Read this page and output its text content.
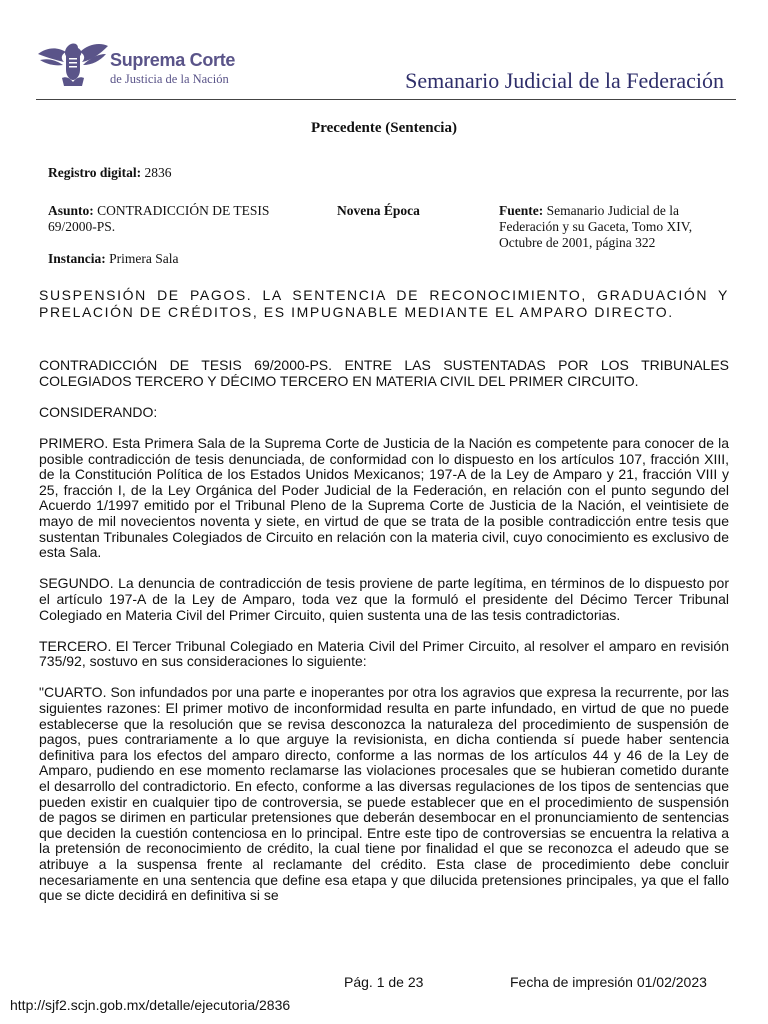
Suprema Corte
de Justicia de la Nación	Semanario Judicial de la Federación
Precedente (Sentencia)
Registro digital: 2836
Asunto: CONTRADICCIÓN DE TESIS 69/2000-PS.
Novena Época	Fuente: Semanario Judicial de la Federación y su Gaceta, Tomo XIV, Octubre de 2001, página 322
Instancia: Primera Sala
SUSPENSIÓN DE PAGOS. LA SENTENCIA DE RECONOCIMIENTO, GRADUACIÓN Y PRELACIÓN DE CRÉDITOS, ES IMPUGNABLE MEDIANTE EL AMPARO DIRECTO.

CONTRADICCIÓN DE TESIS 69/2000-PS. ENTRE LAS SUSTENTADAS POR LOS TRIBUNALES COLEGIADOS TERCERO Y DÉCIMO TERCERO EN MATERIA CIVIL DEL PRIMER CIRCUITO.

CONSIDERANDO:

PRIMERO. Esta Primera Sala de la Suprema Corte de Justicia de la Nación es competente para conocer de la posible contradicción de tesis denunciada, de conformidad con lo dispuesto en los artículos 107, fracción XIII, de la Constitución Política de los Estados Unidos Mexicanos; 197-A de la Ley de Amparo y 21, fracción VIII y 25, fracción I, de la Ley Orgánica del Poder Judicial de la Federación, en relación con el punto segundo del Acuerdo 1/1997 emitido por el Tribunal Pleno de la Suprema Corte de Justicia de la Nación, el veintisiete de mayo de mil novecientos noventa y siete, en virtud de que se trata de la posible contradicción entre tesis que sustentan Tribunales Colegiados de Circuito en relación con la materia civil, cuyo conocimiento es exclusivo de esta Sala.

SEGUNDO. La denuncia de contradicción de tesis proviene de parte legítima, en términos de lo dispuesto por el artículo 197-A de la Ley de Amparo, toda vez que la formuló el presidente del Décimo Tercer Tribunal Colegiado en Materia Civil del Primer Circuito, quien sustenta una de las tesis contradictorias.

TERCERO. El Tercer Tribunal Colegiado en Materia Civil del Primer Circuito, al resolver el amparo en revisión 735/92, sostuvo en sus consideraciones lo siguiente:

"CUARTO. Son infundados por una parte e inoperantes por otra los agravios que expresa la recurrente, por las siguientes razones: El primer motivo de inconformidad resulta en parte infundado, en virtud de que no puede establecerse que la resolución que se revisa desconozca la naturaleza del procedimiento de suspensión de pagos, pues contrariamente a lo que arguye la revisionista, en dicha contienda sí puede haber sentencia definitiva para los efectos del amparo directo, conforme a las normas de los artículos 44 y 46 de la Ley de Amparo, pudiendo en ese momento reclamarse las violaciones procesales que se hubieran cometido durante el desarrollo del contradictorio. En efecto, conforme a las diversas regulaciones de los tipos de sentencias que pueden existir en cualquier tipo de controversia, se puede establecer que en el procedimiento de suspensión de pagos se dirimen en particular pretensiones que deberán desembocar en el pronunciamiento de sentencias que deciden la cuestión contenciosa en lo principal. Entre este tipo de controversias se encuentra la relativa a la pretensión de reconocimiento de crédito, la cual tiene por finalidad el que se reconozca el adeudo que se atribuye a la suspensa frente al reclamante del crédito. Esta clase de procedimiento debe concluir necesariamente en una sentencia que define esa etapa y que dilucida pretensiones principales, ya que el fallo que se dicte decidirá en definitiva si se

Pág. 1 de 23	Fecha de impresión 01/02/2023
http://sjf2.scjn.gob.mx/detalle/ejecutoria/2836
